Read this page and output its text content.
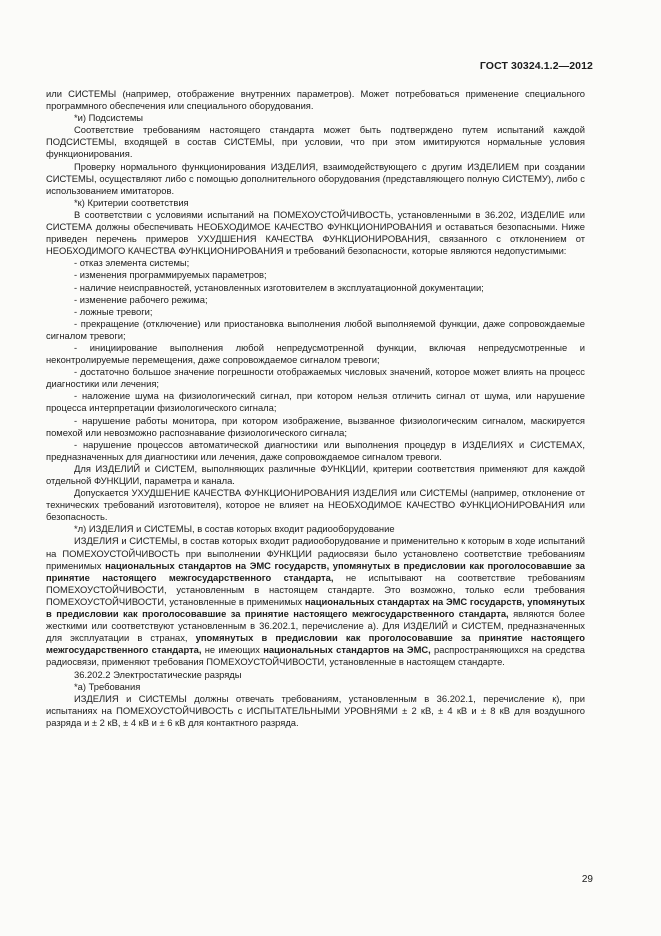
ГОСТ 30324.1.2—2012

или СИСТЕМЫ (например, отображение внутренних параметров). Может потребоваться применение специального программного обеспечения или специального оборудования.

*и) Подсистемы

Соответствие требованиям настоящего стандарта может быть подтверждено путем испытаний каждой ПОДСИСТЕМЫ, входящей в состав СИСТЕМЫ, при условии, что при этом имитируются нормальные условия функционирования.

Проверку нормального функционирования ИЗДЕЛИЯ, взаимодействующего с другим ИЗДЕЛИЕМ при создании СИСТЕМЫ, осуществляют либо с помощью дополнительного оборудования (представляющего полную СИСТЕМУ), либо с использованием имитаторов.

*к) Критерии соответствия

В соответствии с условиями испытаний на ПОМЕХОУСТОЙЧИВОСТЬ, установленными в 36.202, ИЗДЕЛИЕ или СИСТЕМА должны обеспечивать НЕОБХОДИМОЕ КАЧЕСТВО ФУНКЦИОНИРОВАНИЯ и оставаться безопасными. Ниже приведен перечень примеров УХУДШЕНИЯ КАЧЕСТВА ФУНКЦИОНИРОВАНИЯ, связанного с отклонением от НЕОБХОДИМОГО КАЧЕСТВА ФУНКЦИОНИРОВАНИЯ и требований безопасности, которые являются недопустимыми:

- отказ элемента системы;

- изменения программируемых параметров;

- наличие неисправностей, установленных изготовителем в эксплуатационной документации;

- изменение рабочего режима;

- ложные тревоги;

- прекращение (отключение) или приостановка выполнения любой выполняемой функции, даже сопровождаемые сигналом тревоги;

- инициирование выполнения любой непредусмотренной функции, включая непредусмотренные и неконтролируемые перемещения, даже сопровождаемое сигналом тревоги;

- достаточно большое значение погрешности отображаемых числовых значений, которое может влиять на процесс диагностики или лечения;

- наложение шума на физиологический сигнал, при котором нельзя отличить сигнал от шума, или нарушение процесса интерпретации физиологического сигнала;

- нарушение работы монитора, при котором изображение, вызванное физиологическим сигналом, маскируется помехой или невозможно распознавание физиологического сигнала;

- нарушение процессов автоматической диагностики или выполнения процедур в ИЗДЕЛИЯХ и СИСТЕМАХ, предназначенных для диагностики или лечения, даже сопровождаемое сигналом тревоги.

Для ИЗДЕЛИЙ и СИСТЕМ, выполняющих различные ФУНКЦИИ, критерии соответствия применяют для каждой отдельной ФУНКЦИИ, параметра и канала.

Допускается УХУДШЕНИЕ КАЧЕСТВА ФУНКЦИОНИРОВАНИЯ ИЗДЕЛИЯ или СИСТЕМЫ (например, отклонение от технических требований изготовителя), которое не влияет на НЕОБХОДИМОЕ КАЧЕСТВО ФУНКЦИОНИРОВАНИЯ или безопасность.

*л) ИЗДЕЛИЯ и СИСТЕМЫ, в состав которых входит радиооборудование

ИЗДЕЛИЯ и СИСТЕМЫ, в состав которых входит радиооборудование и применительно к которым в ходе испытаний на ПОМЕХОУСТОЙЧИВОСТЬ при выполнении ФУНКЦИИ радиосвязи было установлено соответствие требованиям применимых национальных стандартов на ЭМС государств, упомянутых в предисловии как проголосовавшие за принятие настоящего межгосударственного стандарта, не испытывают на соответствие требованиям ПОМЕХОУСТОЙЧИВОСТИ, установленным в настоящем стандарте. Это возможно, только если требования ПОМЕХОУСТОЙЧИВОСТИ, установленные в применимых национальных стандартах на ЭМС государств, упомянутых в предисловии как проголосовавшие за принятие настоящего межгосударственного стандарта, являются более жесткими или соответствуют установленным в 36.202.1, перечисление а). Для ИЗДЕЛИЙ и СИСТЕМ, предназначенных для эксплуатации в странах, упомянутых в предисловии как проголосовавшие за принятие настоящего межгосударственного стандарта, не имеющих национальных стандартов на ЭМС, распространяющихся на средства радиосвязи, применяют требования ПОМЕХОУСТОЙЧИВОСТИ, установленные в настоящем стандарте.

36.202.2 Электростатические разряды

*а) Требования

ИЗДЕЛИЯ и СИСТЕМЫ должны отвечать требованиям, установленным в 36.202.1, перечисление к), при испытаниях на ПОМЕХОУСТОЙЧИВОСТЬ с ИСПЫТАТЕЛЬНЫМИ УРОВНЯМИ ± 2 кВ, ± 4 кВ и ± 8 кВ для воздушного разряда и ± 2 кВ, ± 4 кВ и ± 6 кВ для контактного разряда.

29
